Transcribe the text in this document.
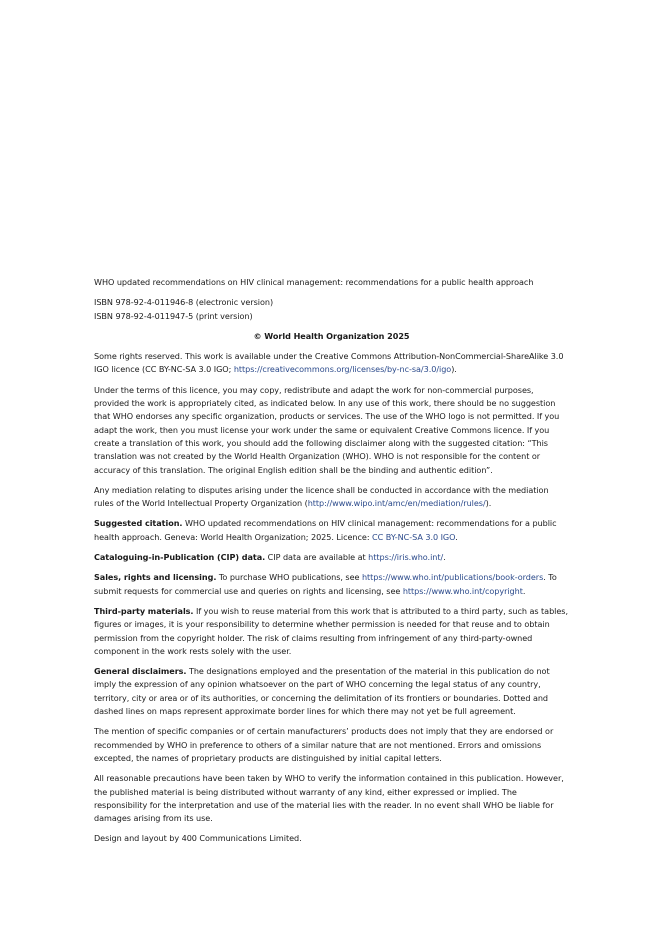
WHO updated recommendations on HIV clinical management: recommendations for a public health approach

ISBN 978-92-4-011946-8 (electronic version)
ISBN 978-92-4-011947-5 (print version)

© World Health Organization 2025

Some rights reserved. This work is available under the Creative Commons Attribution-NonCommercial-ShareAlike 3.0 IGO licence (CC BY-NC-SA 3.0 IGO; https://creativecommons.org/licenses/by-nc-sa/3.0/igo).

Under the terms of this licence, you may copy, redistribute and adapt the work for non-commercial purposes, provided the work is appropriately cited, as indicated below. In any use of this work, there should be no suggestion that WHO endorses any specific organization, products or services. The use of the WHO logo is not permitted. If you adapt the work, then you must license your work under the same or equivalent Creative Commons licence. If you create a translation of this work, you should add the following disclaimer along with the suggested citation: “This translation was not created by the World Health Organization (WHO). WHO is not responsible for the content or accuracy of this translation. The original English edition shall be the binding and authentic edition”.

Any mediation relating to disputes arising under the licence shall be conducted in accordance with the mediation rules of the World Intellectual Property Organization (http://www.wipo.int/amc/en/mediation/rules/).

Suggested citation. WHO updated recommendations on HIV clinical management: recommendations for a public health approach. Geneva: World Health Organization; 2025. Licence: CC BY-NC-SA 3.0 IGO.

Cataloguing-in-Publication (CIP) data. CIP data are available at https://iris.who.int/.

Sales, rights and licensing. To purchase WHO publications, see https://www.who.int/publications/book-orders. To submit requests for commercial use and queries on rights and licensing, see https://www.who.int/copyright.

Third-party materials. If you wish to reuse material from this work that is attributed to a third party, such as tables, figures or images, it is your responsibility to determine whether permission is needed for that reuse and to obtain permission from the copyright holder. The risk of claims resulting from infringement of any third-party-owned component in the work rests solely with the user.

General disclaimers. The designations employed and the presentation of the material in this publication do not imply the expression of any opinion whatsoever on the part of WHO concerning the legal status of any country, territory, city or area or of its authorities, or concerning the delimitation of its frontiers or boundaries. Dotted and dashed lines on maps represent approximate border lines for which there may not yet be full agreement.

The mention of specific companies or of certain manufacturers’ products does not imply that they are endorsed or recommended by WHO in preference to others of a similar nature that are not mentioned. Errors and omissions excepted, the names of proprietary products are distinguished by initial capital letters.

All reasonable precautions have been taken by WHO to verify the information contained in this publication. However, the published material is being distributed without warranty of any kind, either expressed or implied. The responsibility for the interpretation and use of the material lies with the reader. In no event shall WHO be liable for damages arising from its use.

Design and layout by 400 Communications Limited.
